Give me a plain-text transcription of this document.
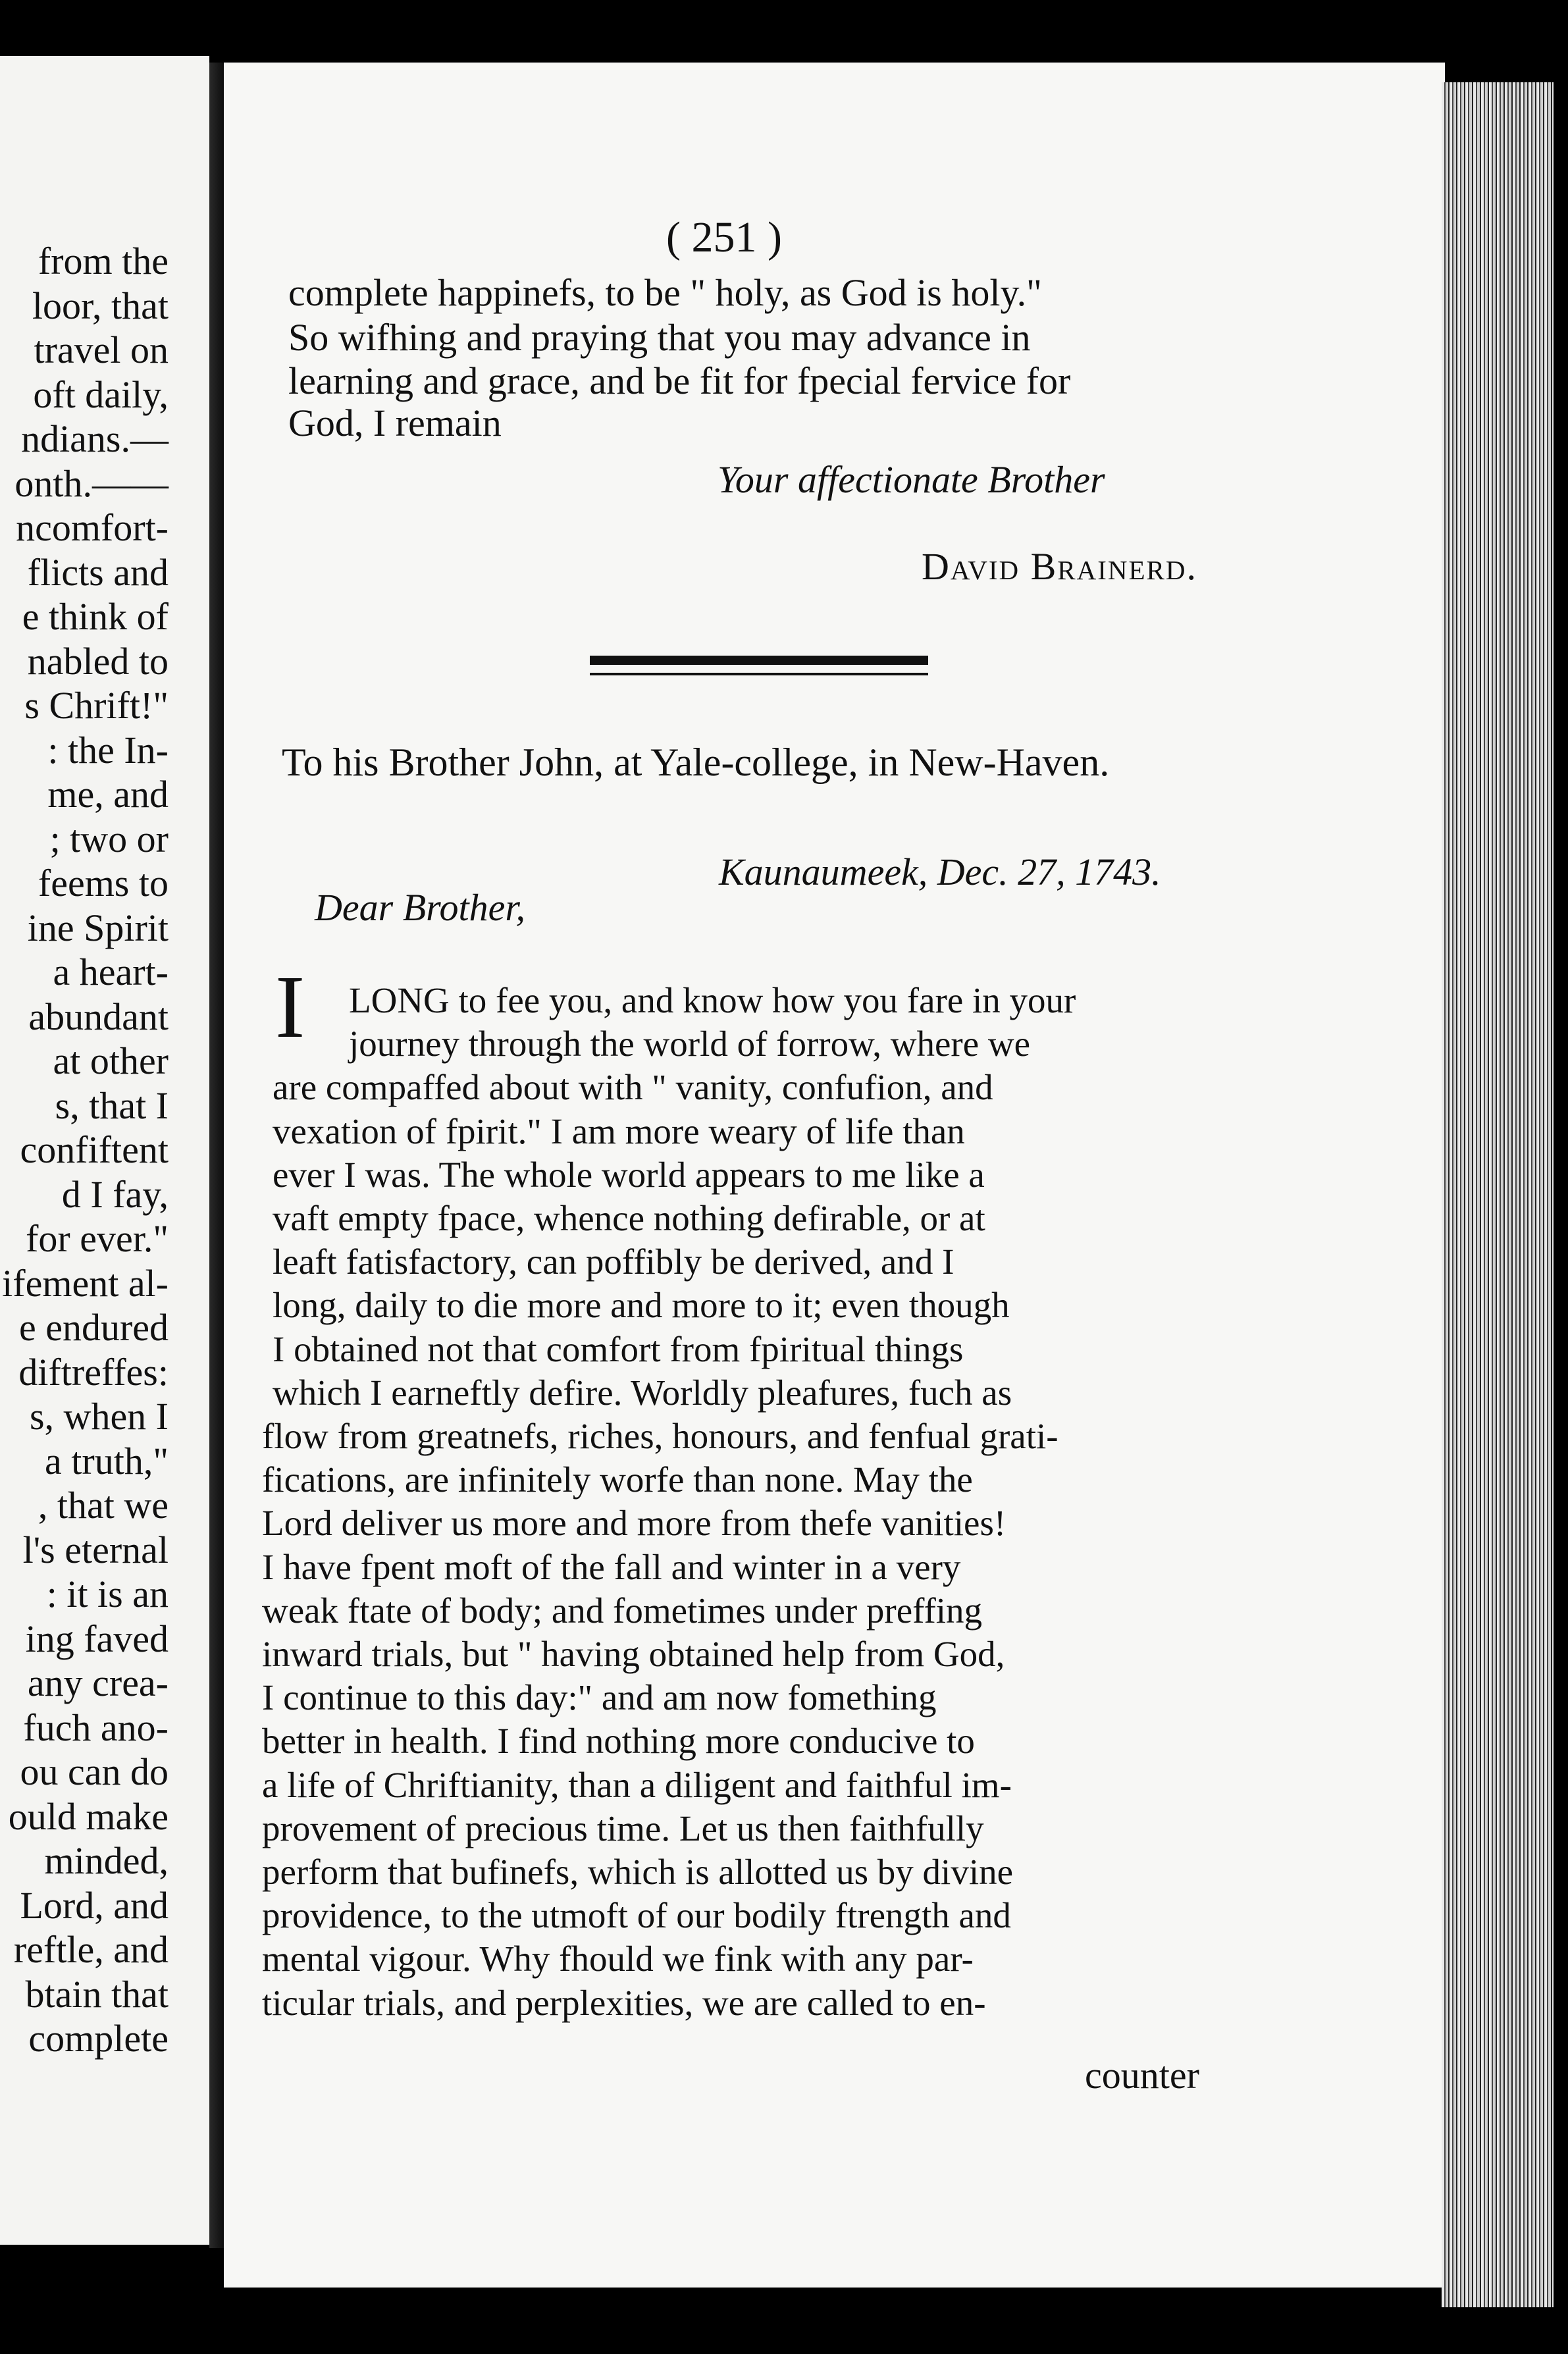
from the
loor, that
travel on
oft daily,
ndians.—
onth.——
ncomfort-
flicts and
e think of
nabled to
s Chrift!"
: the In-
me, and
; two or
feems to
ine Spirit
a heart-
abundant
at other
s, that I
confiftent
d I fay,
for ever."
ifement al-
e endured
diftreffes:
s, when I
a truth,"
, that we
l's eternal
: it is an
ing faved
any crea-
fuch ano-
ou can do
ould make
minded,
Lord, and
reftle, and
btain that
complete
( 251 )
complete happinefs, to be " holy, as God is holy."
So wifhing and praying that you may advance in
learning and grace, and be fit for fpecial fervice for
God, I remain
Your affectionate Brother
David Brainerd.
To his Brother John, at Yale-college, in New-Haven.
Kaunaumeek, Dec. 27, 1743.
Dear Brother,
I LONG to fee you, and know how you fare in your
journey through the world of forrow, where we
are compaffed about with " vanity, confufion, and
vexation of fpirit." I am more weary of life than
ever I was. The whole world appears to me like a
vaft empty fpace, whence nothing defirable, or at
leaft fatisfactory, can poffibly be derived, and I
long, daily to die more and more to it; even though
I obtained not that comfort from fpiritual things
which I earneftly defire. Worldly pleafures, fuch as
flow from greatnefs, riches, honours, and fenfual grati-
fications, are infinitely worfe than none. May the
Lord deliver us more and more from thefe vanities!
I have fpent moft of the fall and winter in a very
weak ftate of body; and fometimes under preffing
inward trials, but " having obtained help from God,
I continue to this day:" and am now fomething
better in health. I find nothing more conducive to
a life of Chriftianity, than a diligent and faithful im-
provement of precious time. Let us then faithfully
perform that bufinefs, which is allotted us by divine
providence, to the utmoft of our bodily ftrength and
mental vigour. Why fhould we fink with any par-
ticular trials, and perplexities, we are called to en-
counter
